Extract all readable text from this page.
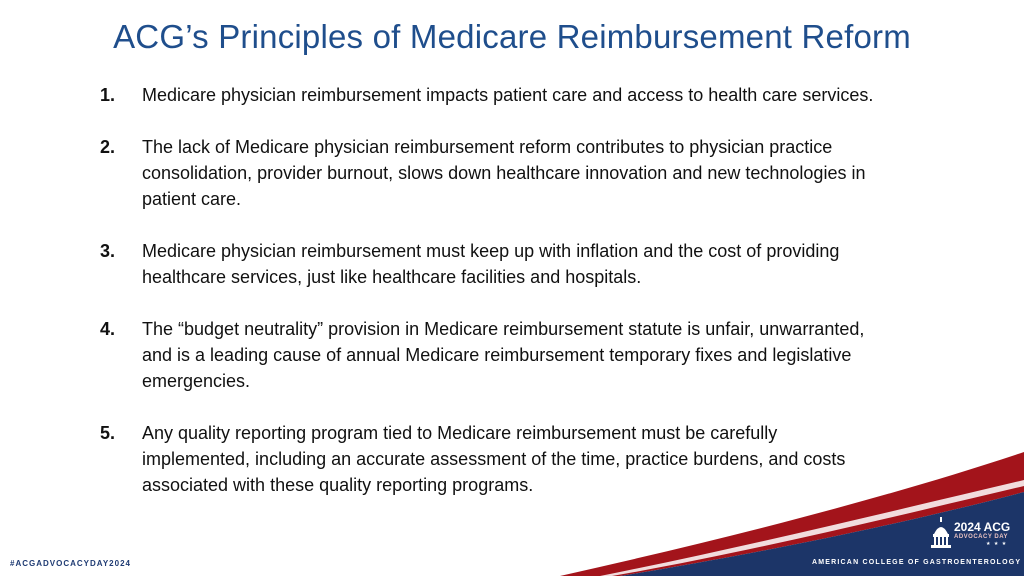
ACG’s Principles of Medicare Reimbursement Reform
1.	Medicare physician reimbursement impacts patient care and access to health care services.
2.	The lack of Medicare physician reimbursement reform contributes to physician practice consolidation, provider burnout, slows down healthcare innovation and new technologies in patient care.
3.	Medicare physician reimbursement must keep up with inflation and the cost of providing healthcare services, just like healthcare facilities and hospitals.
4.	The “budget neutrality” provision in Medicare reimbursement statute is unfair, unwarranted, and is a leading cause of annual Medicare reimbursement temporary fixes and legislative emergencies.
5.	Any quality reporting program tied to Medicare reimbursement must be carefully implemented, including an accurate assessment of the time, practice burdens, and costs associated with these quality reporting programs.
#ACGADVOCACYDAY2024
2024 ACG
ADVOCACY DAY
★ ★ ★
AMERICAN COLLEGE OF GASTROENTEROLOGY
